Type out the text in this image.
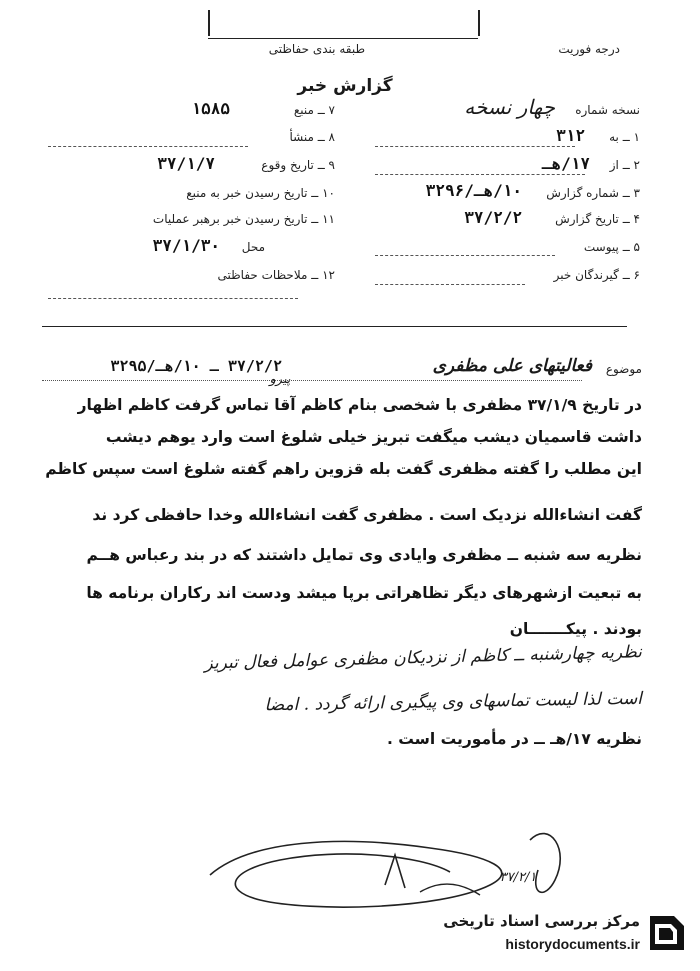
طبقه بندی حفاظتی	درجه فوریت
گزارش خبر
نسخه شماره
چهار نسخه
۱ ــ به
۳۱۲
۲ ــ از
۱۷/هـ
۳ ــ شماره گزارش
۱۰/هـ/۳۲۹۶
۴ ــ تاریخ گزارش
۳۷/۲/۲
۵ ــ پیوست
۶ ــ گیرندگان خبر
۷ ــ منبع
۱۵۸۵
۸ ــ منشأ
۹ ــ تاریخ وقوع
۳۷/۱/۷
۱۰ ــ تاریخ رسیدن خبر به منبع
۱۱ ــ تاریخ رسیدن خبر برهبر عملیات
محل
۳۷/۱/۳۰
۱۲ ــ ملاحظات حفاظتی
موضوع
فعالیتهای علی مظفری
۳۷/۲/۲ ـ ۱۰/هـ/۳۲۹۵
پیرو
در تاریخ ۳۷/۱/۹ مظفری با شخصی بنام کاظم آقا تماس گرفت کاظم اظهار
داشت قاسمیان دیشب میگفت تبریز خیلی شلوغ است وارد یوهم دیشب
این مطلب را گفته مظفری گفت بله قزوین راهم گفته شلوغ است سپس کاظم
گفت انشاءالله نزدیک است . مظفری گفت انشاءالله وخدا حافظی کرد ند
نظریه سه شنبه ــ مظفری وایادی وی تمایل داشتند که در بند رعباس هــم
به تبعیت ازشهرهای دیگر تظاهراتی برپا میشد ودست اند رکاران برنامه ها
بودند . پیکـــــــان
نظریه چهارشنبه ــ کاظم از نزدیکان مظفری عوامل فعال تبریز
است لذا لیست تماسهای وی پیگیری ارائه گردد . امضا
نظریه ۱۷/هـ ــ در مأموریت است .
۳۷/۲/۱
مرکز بررسی اسناد تاریخی
historydocuments.ir
